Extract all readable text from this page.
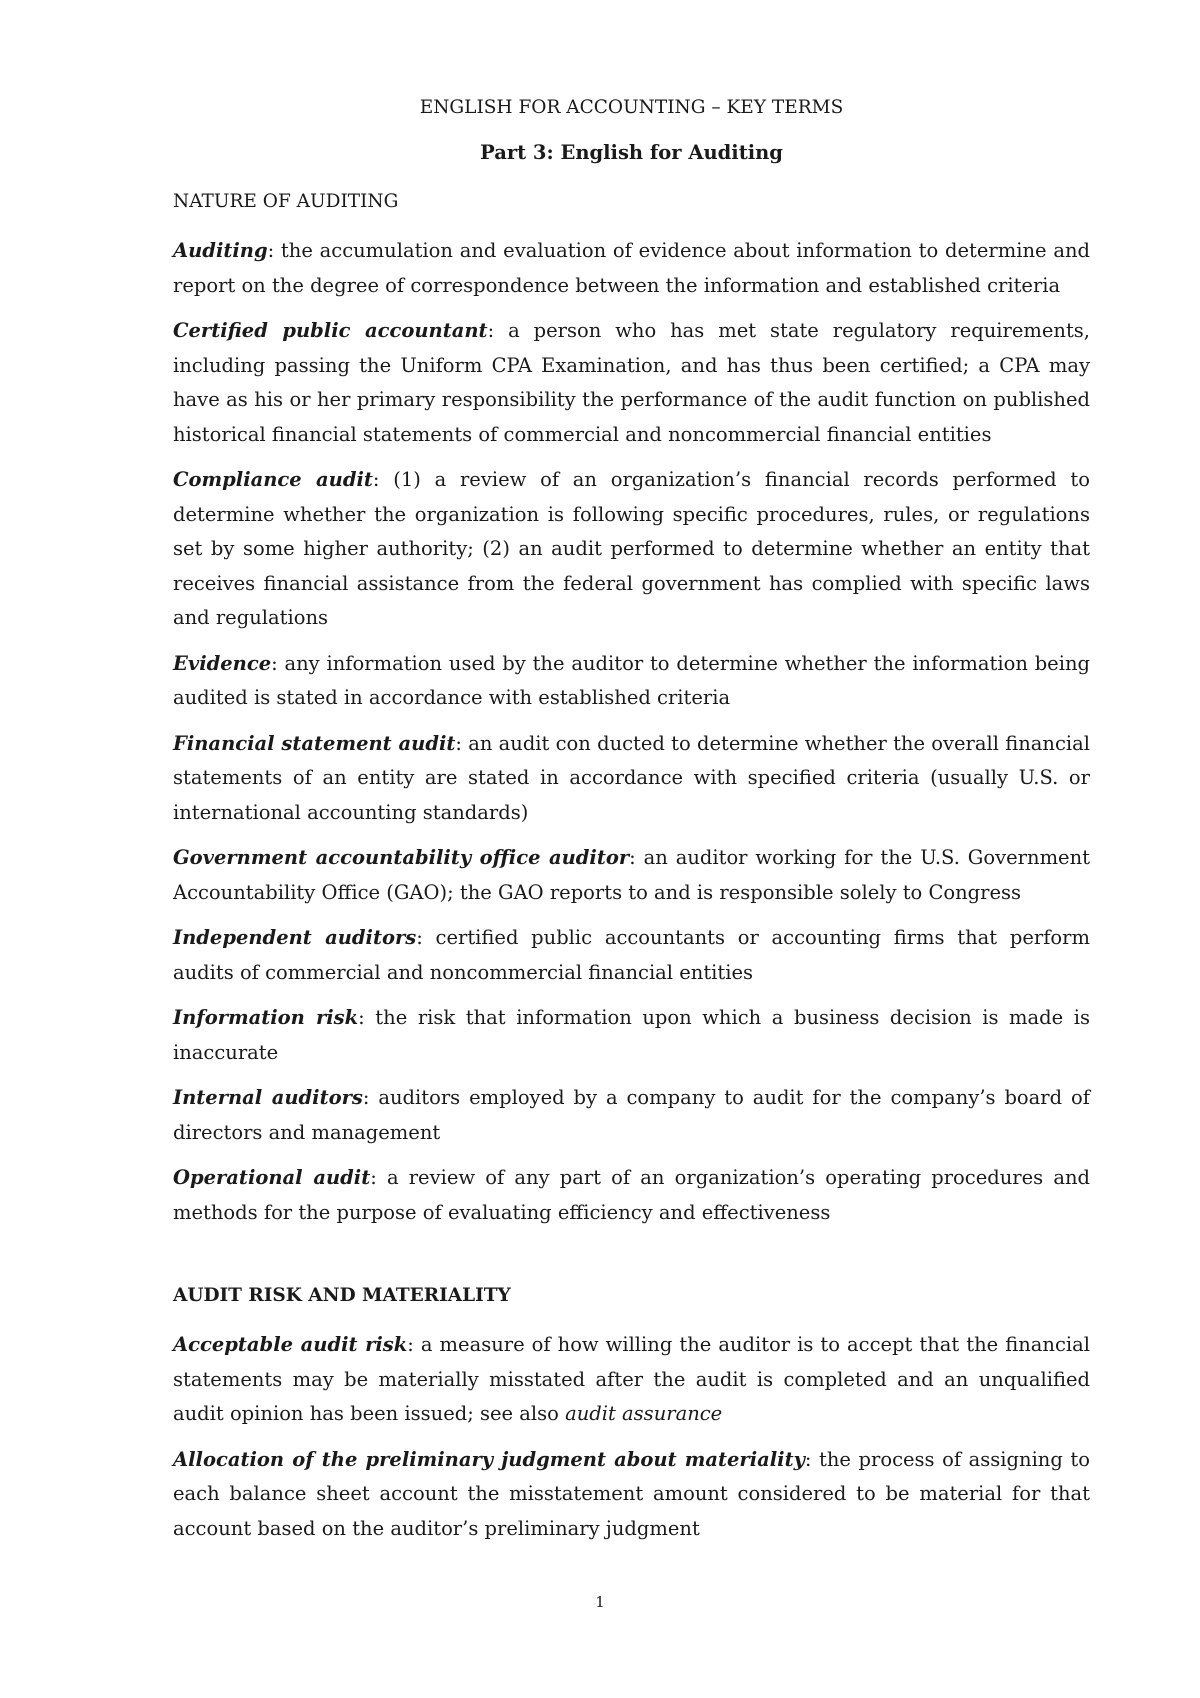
ENGLISH FOR ACCOUNTING – KEY TERMS
Part 3: English for Auditing
NATURE OF AUDITING

Auditing: the accumulation and evaluation of evidence about information to determine and report on the degree of correspondence between the information and established criteria

Certified public accountant: a person who has met state regulatory requirements, including passing the Uniform CPA Examination, and has thus been certified; a CPA may have as his or her primary responsibility the performance of the audit function on published historical financial statements of commercial and noncommercial financial entities

Compliance audit: (1) a review of an organization’s financial records performed to determine whether the organization is following specific procedures, rules, or regulations set by some higher authority; (2) an audit performed to determine whether an entity that receives financial assistance from the federal government has complied with specific laws and regulations

Evidence: any information used by the auditor to determine whether the information being audited is stated in accordance with established criteria

Financial statement audit: an audit con ducted to determine whether the overall financial statements of an entity are stated in accordance with specified criteria (usually U.S. or international accounting standards)

Government accountability office auditor: an auditor working for the U.S. Government Accountability Office (GAO); the GAO reports to and is responsible solely to Congress

Independent auditors: certified public accountants or accounting firms that perform audits of commercial and noncommercial financial entities

Information risk: the risk that information upon which a business decision is made is inaccurate

Internal auditors: auditors employed by a company to audit for the company’s board of directors and management

Operational audit: a review of any part of an organization’s operating procedures and methods for the purpose of evaluating efficiency and effectiveness

AUDIT RISK AND MATERIALITY

Acceptable audit risk: a measure of how willing the auditor is to accept that the financial statements may be materially misstated after the audit is completed and an unqualified audit opinion has been issued; see also audit assurance

Allocation of the preliminary judgment about materiality: the process of assigning to each balance sheet account the misstatement amount considered to be material for that account based on the auditor’s preliminary judgment

1
